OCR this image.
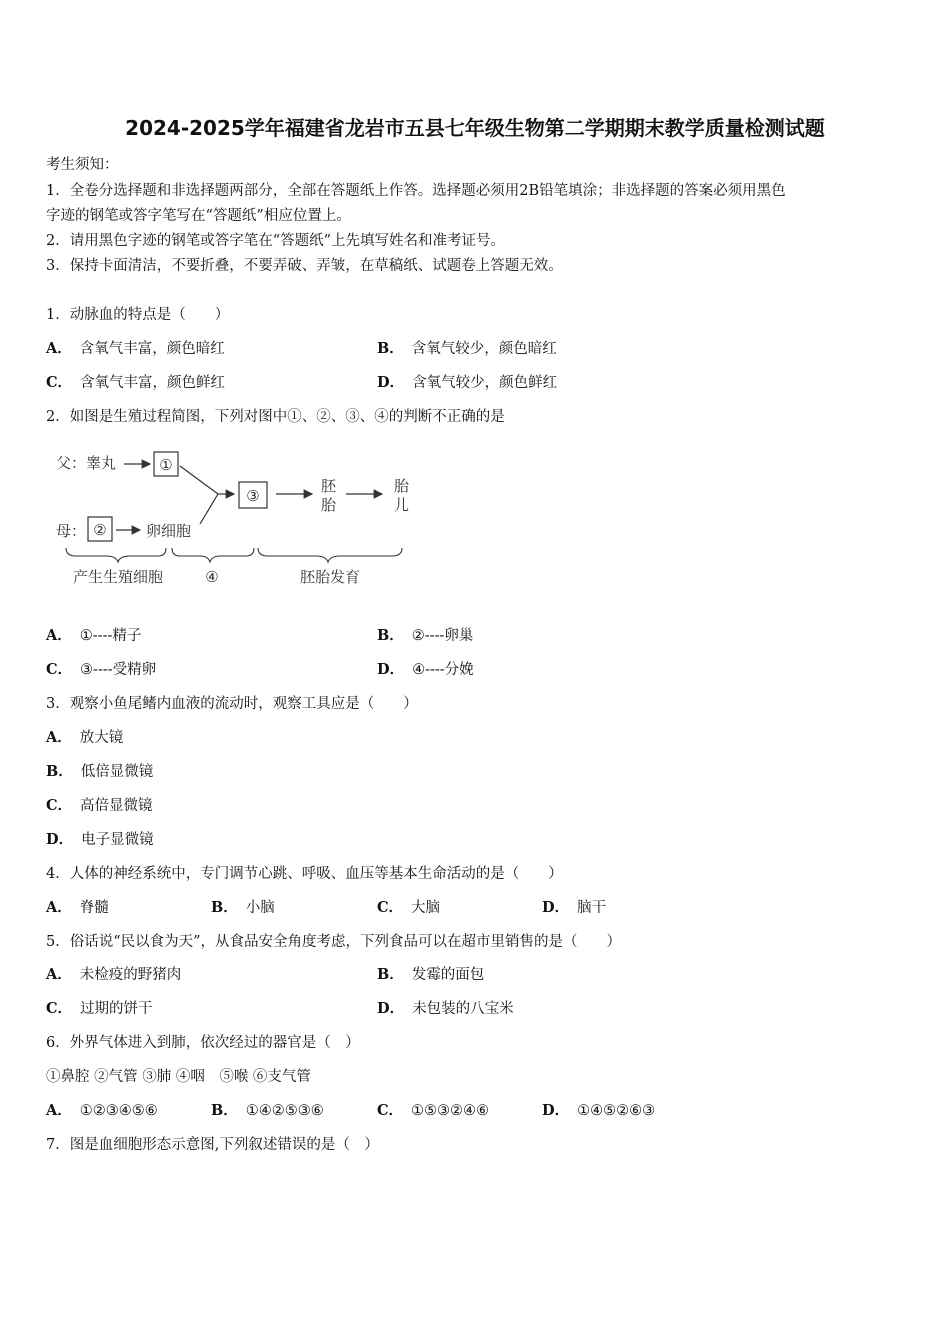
2024-2025学年福建省龙岩市五县七年级生物第二学期期末教学质量检测试题
考生须知：
1．全卷分选择题和非选择题两部分，全部在答题纸上作答。选择题必须用2B铅笔填涂；非选择题的答案必须用黑色
字迹的钢笔或答字笔写在“答题纸”相应位置上。
2．请用黑色字迹的钢笔或答字笔在“答题纸”上先填写姓名和准考证号。
3．保持卡面清洁，不要折叠，不要弄破、弄皱，在草稿纸、试题卷上答题无效。
1．动脉血的特点是（　　）
A． 含氧气丰富，颜色暗红	B． 含氧气较少，颜色暗红
C． 含氧气丰富，颜色鲜红	D． 含氧气较少，颜色鲜红
2．如图是生殖过程简图，下列对图中①、②、③、④的判断不正确的是
父：睾丸	①
母： ②	卵细胞
③
胚
胎
胎
儿
产生生殖细胞	④	胚胎发育
A． ①----精子	B． ②----卵巢
C． ③----受精卵	D． ④----分娩
3．观察小鱼尾鳍内血液的流动时，观察工具应是（　　）
A． 放大镜
B． 低倍显微镜
C． 高倍显微镜
D． 电子显微镜
4．人体的神经系统中，专门调节心跳、呼吸、血压等基本生命活动的是（　　）
A． 脊髓	B． 小脑	C． 大脑	D． 脑干
5．俗话说“民以食为天”，从食品安全角度考虑，下列食品可以在超市里销售的是（　　）
A． 未检疫的野猪肉	B． 发霉的面包
C． 过期的饼干	D． 未包装的八宝米
6．外界气体进入到肺，依次经过的器官是（　）
①鼻腔 ②气管 ③肺 ④咽　⑤喉 ⑥支气管
A． ①②③④⑤⑥	B． ①④②⑤③⑥	C． ①⑤③②④⑥	D． ①④⑤②⑥③
7．图是血细胞形态示意图,下列叙述错误的是（　）
